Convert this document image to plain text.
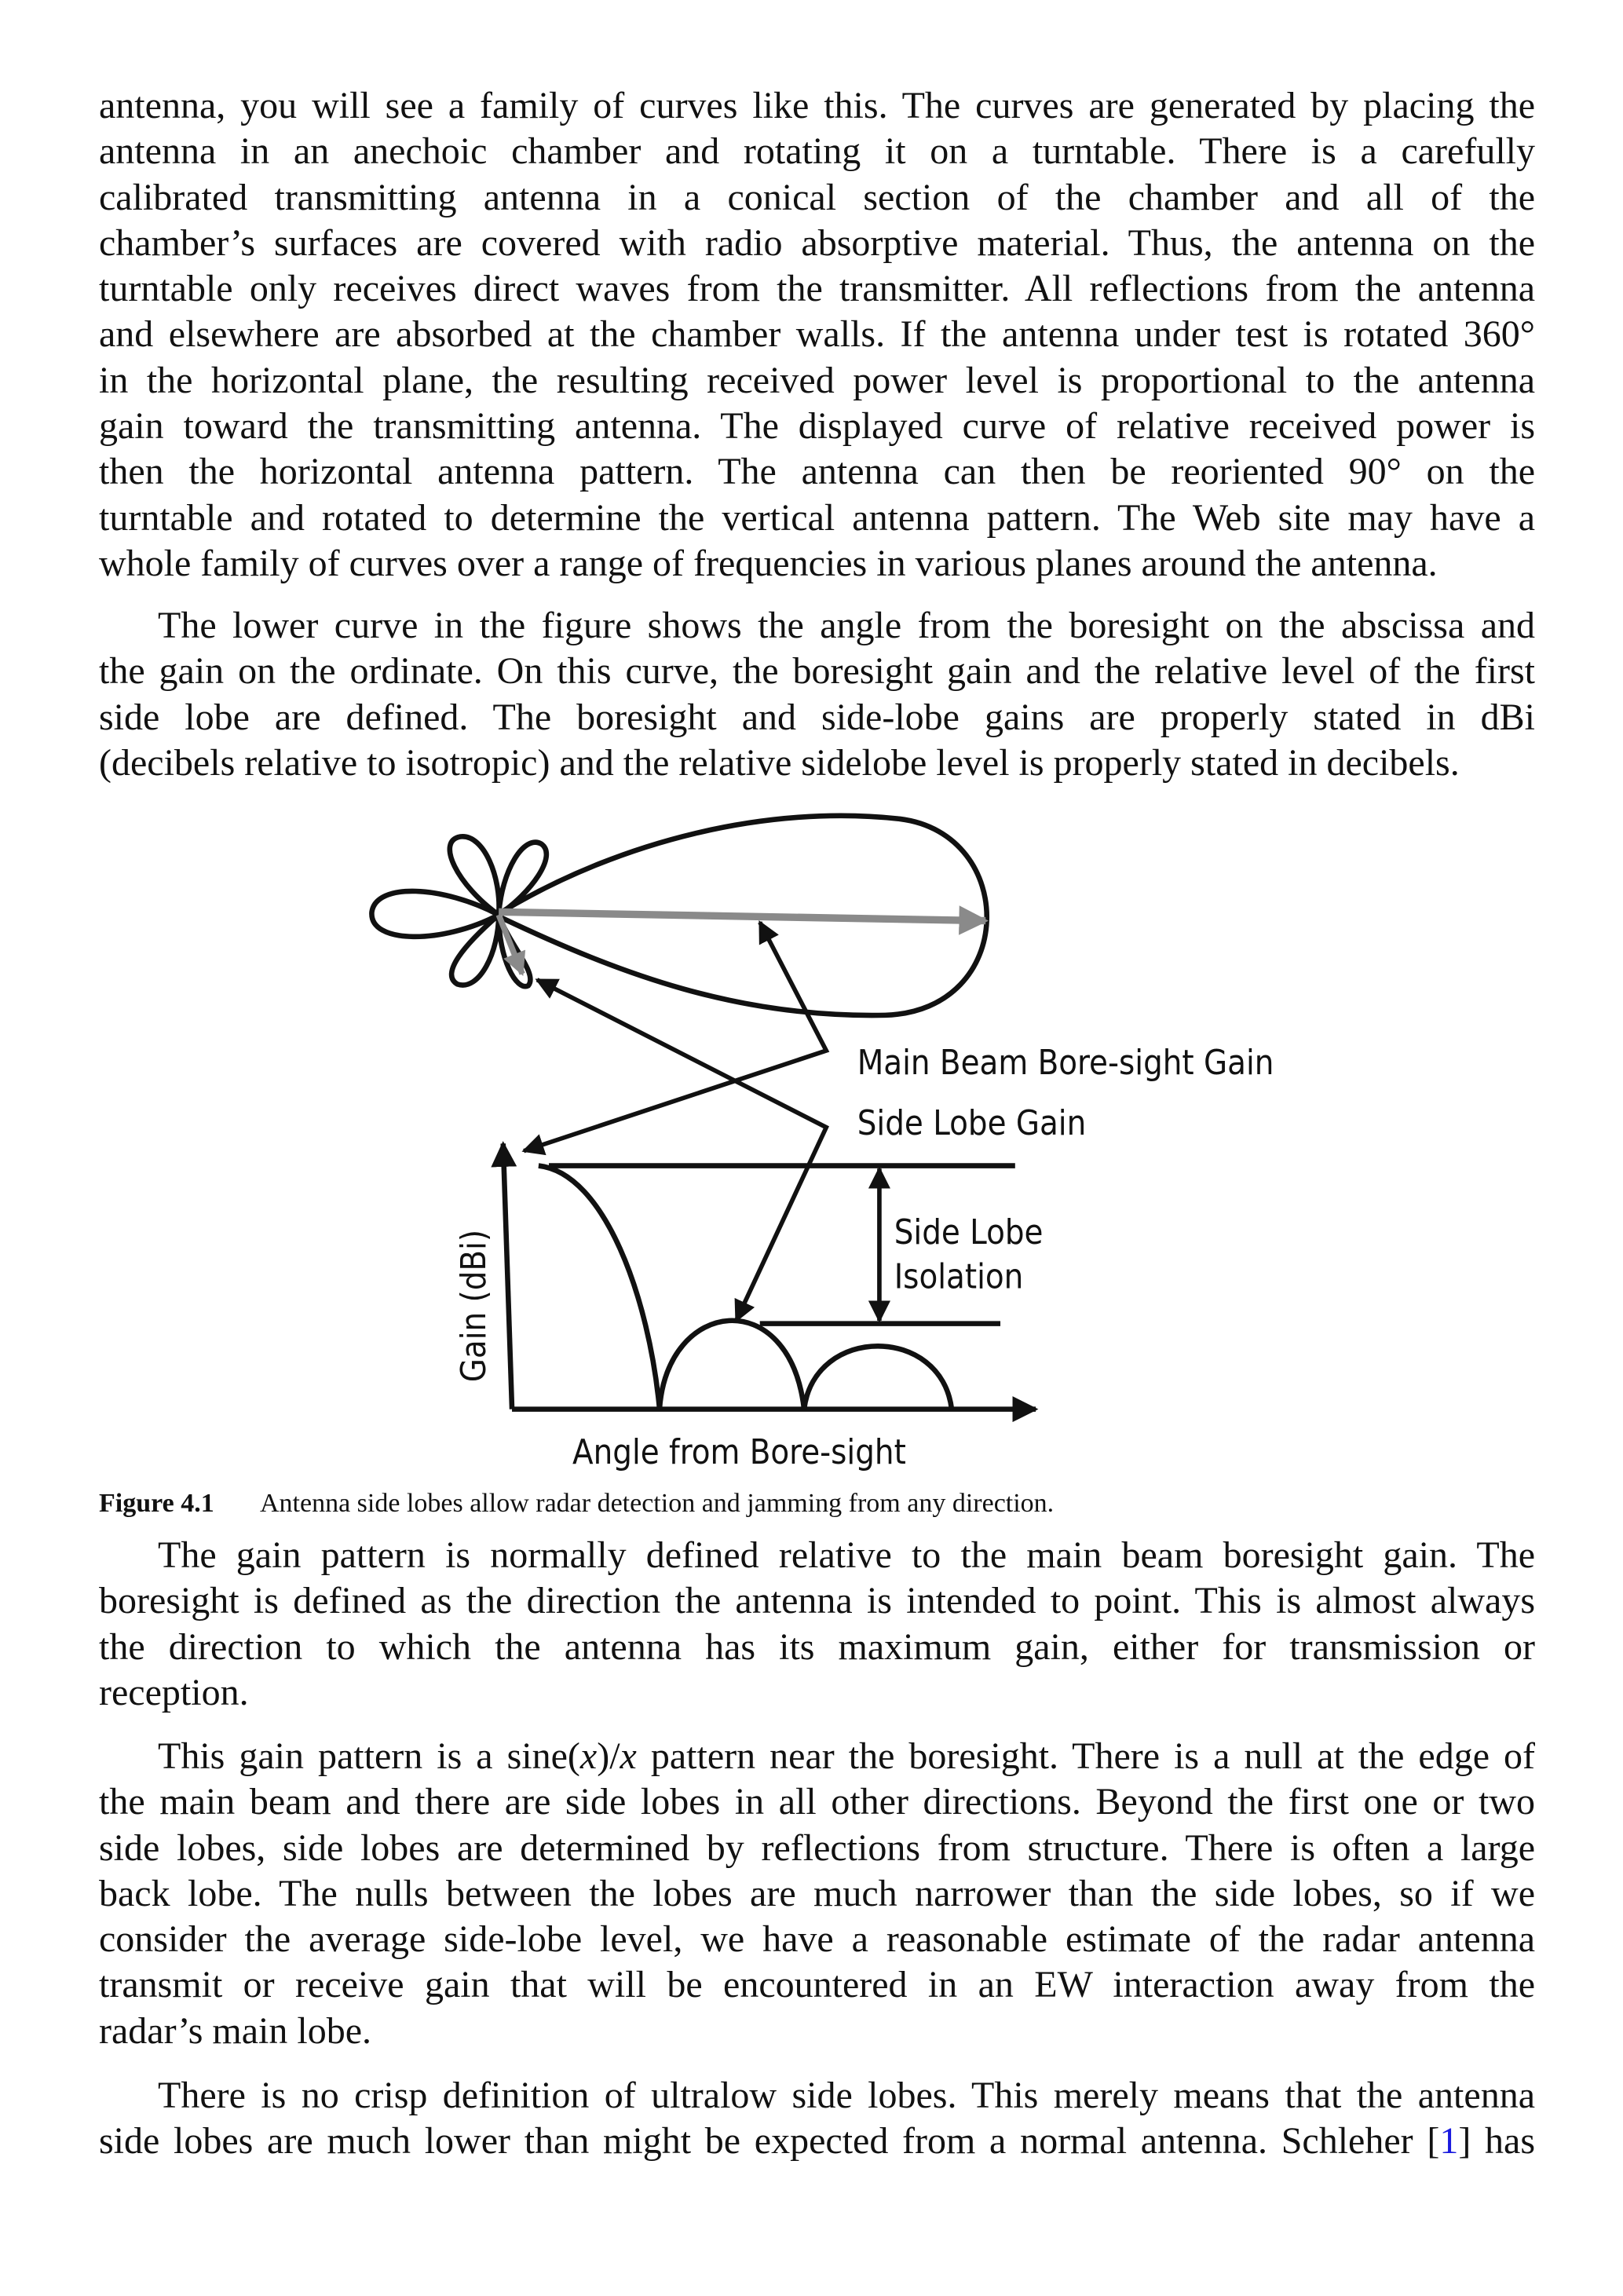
antenna, you will see a family of curves like this. The curves are generated by placing the
antenna in an anechoic chamber and rotating it on a turntable. There is a carefully
calibrated transmitting antenna in a conical section of the chamber and all of the
chamber’s surfaces are covered with radio absorptive material. Thus, the antenna on the
turntable only receives direct waves from the transmitter. All reflections from the antenna
and elsewhere are absorbed at the chamber walls. If the antenna under test is rotated 360°
in the horizontal plane, the resulting received power level is proportional to the antenna
gain toward the transmitting antenna. The displayed curve of relative received power is
then the horizontal antenna pattern. The antenna can then be reoriented 90° on the
turntable and rotated to determine the vertical antenna pattern. The Web site may have a
whole family of curves over a range of frequencies in various planes around the antenna.
The lower curve in the figure shows the angle from the boresight on the abscissa and
the gain on the ordinate. On this curve, the boresight gain and the relative level of the first
side lobe are defined. The boresight and side-lobe gains are properly stated in dBi
(decibels relative to isotropic) and the relative sidelobe level is properly stated in decibels.
Main Beam Bore-sight Gain
Side Lobe Gain
Side Lobe
Isolation
Gain (dBi)
Angle from Bore-sight
Figure 4.1 Antenna side lobes allow radar detection and jamming from any direction.
The gain pattern is normally defined relative to the main beam boresight gain. The
boresight is defined as the direction the antenna is intended to point. This is almost always
the direction to which the antenna has its maximum gain, either for transmission or
reception.
This gain pattern is a sine(x)/x pattern near the boresight. There is a null at the edge of
the main beam and there are side lobes in all other directions. Beyond the first one or two
side lobes, side lobes are determined by reflections from structure. There is often a large
back lobe. The nulls between the lobes are much narrower than the side lobes, so if we
consider the average side-lobe level, we have a reasonable estimate of the radar antenna
transmit or receive gain that will be encountered in an EW interaction away from the
radar’s main lobe.
There is no crisp definition of ultralow side lobes. This merely means that the antenna
side lobes are much lower than might be expected from a normal antenna. Schleher [1] has
